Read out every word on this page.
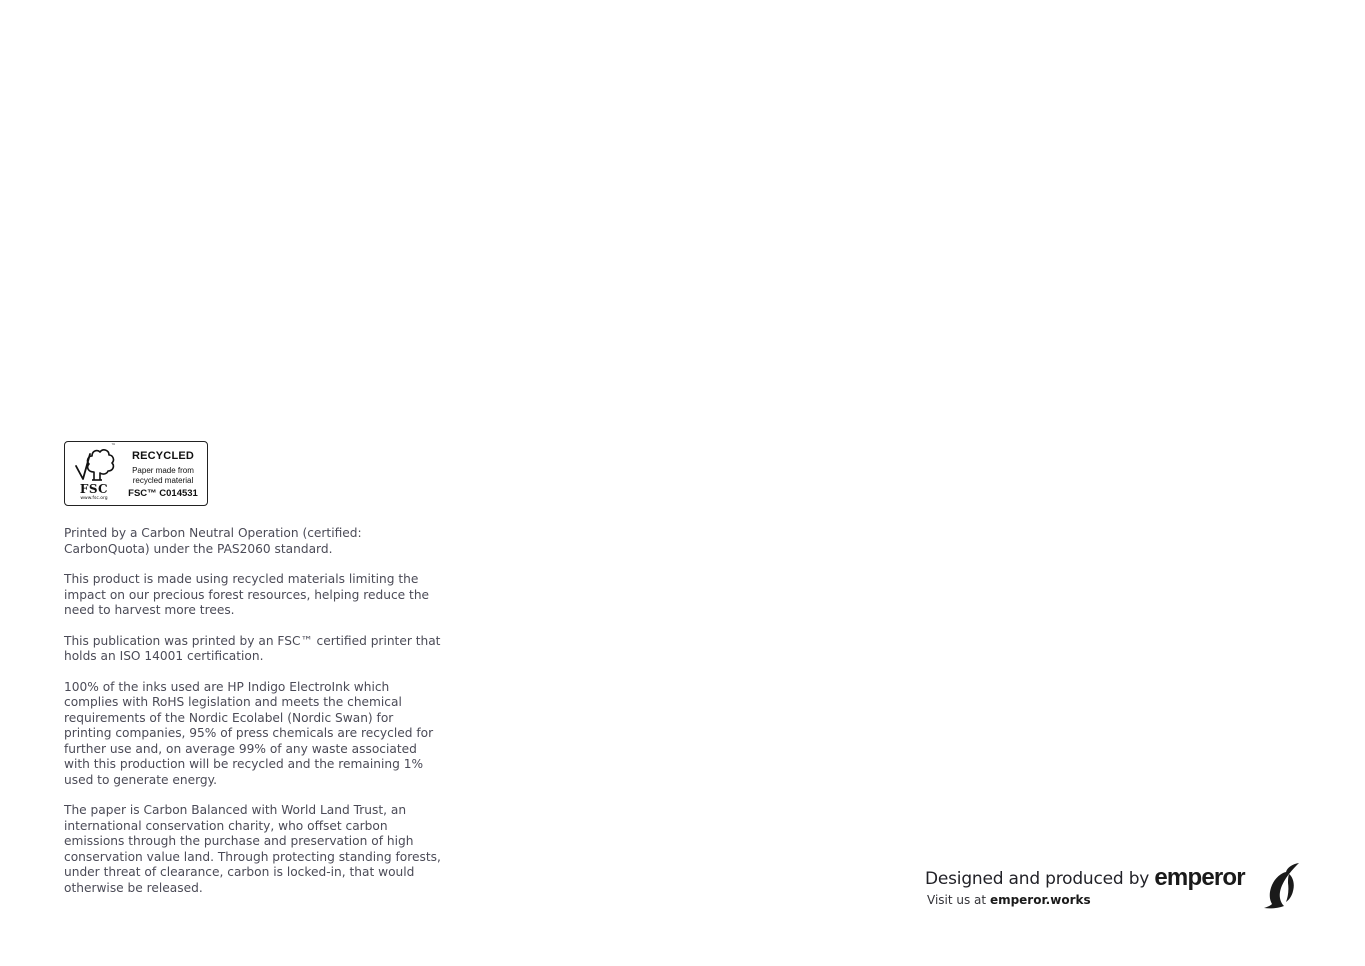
™
FSC
www.fsc.org
RECYCLED
Paper made from
recycled material
FSC™ C014531

Printed by a Carbon Neutral Operation (certified:
CarbonQuota) under the PAS2060 standard.

This product is made using recycled materials limiting the
impact on our precious forest resources, helping reduce the
need to harvest more trees.

This publication was printed by an FSC™ certified printer that
holds an ISO 14001 certification.

100% of the inks used are HP Indigo ElectroInk which
complies with RoHS legislation and meets the chemical
requirements of the Nordic Ecolabel (Nordic Swan) for
printing companies, 95% of press chemicals are recycled for
further use and, on average 99% of any waste associated
with this production will be recycled and the remaining 1%
used to generate energy.

The paper is Carbon Balanced with World Land Trust, an
international conservation charity, who offset carbon
emissions through the purchase and preservation of high
conservation value land. Through protecting standing forests,
under threat of clearance, carbon is locked-in, that would
otherwise be released.	Designed and produced by emperor
Visit us at emperor.works
